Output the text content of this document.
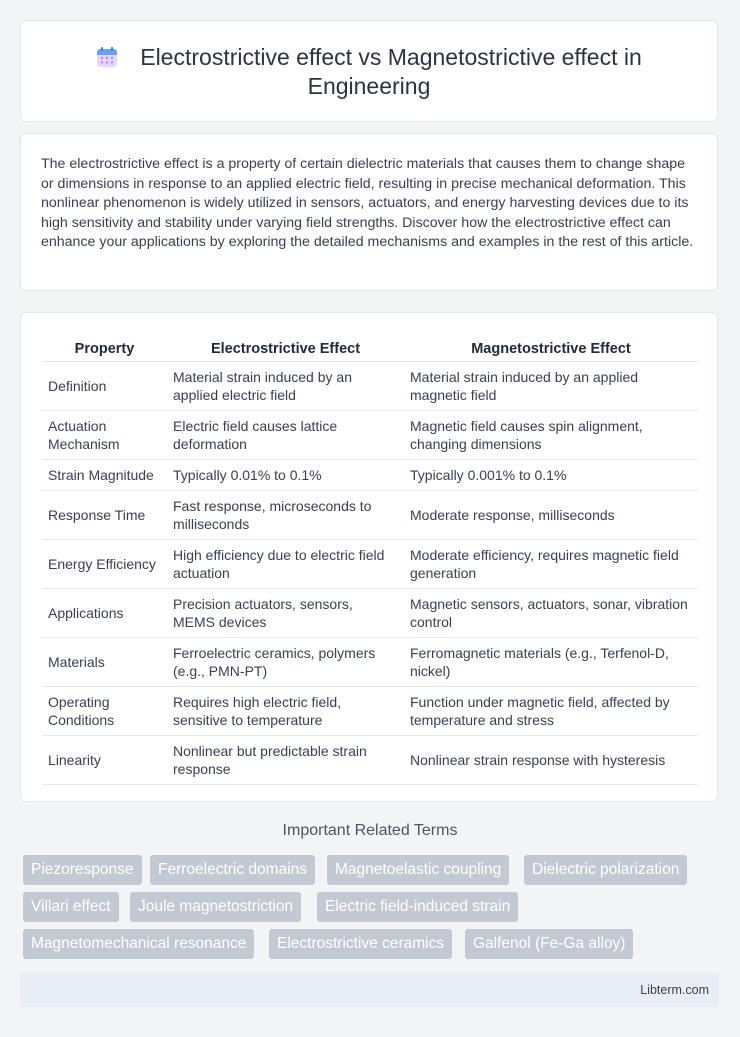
Electrostrictive effect vs Magnetostrictive effect in
Engineering
The electrostrictive effect is a property of certain dielectric materials that causes them to change shape or dimensions in response to an applied electric field, resulting in precise mechanical deformation. This nonlinear phenomenon is widely utilized in sensors, actuators, and energy harvesting devices due to its high sensitivity and stability under varying field strengths. Discover how the electrostrictive effect can enhance your applications by exploring the detailed mechanisms and examples in the rest of this article.
Property	Electrostrictive Effect	Magnetostrictive Effect
Definition	Material strain induced by an applied electric field	Material strain induced by an applied magnetic field
Actuation Mechanism	Electric field causes lattice deformation	Magnetic field causes spin alignment, changing dimensions
Strain Magnitude	Typically 0.01% to 0.1%	Typically 0.001% to 0.1%
Response Time	Fast response, microseconds to milliseconds	Moderate response, milliseconds
Energy Efficiency	High efficiency due to electric field actuation	Moderate efficiency, requires magnetic field generation
Applications	Precision actuators, sensors, MEMS devices	Magnetic sensors, actuators, sonar, vibration control
Materials	Ferroelectric ceramics, polymers (e.g., PMN-PT)	Ferromagnetic materials (e.g., Terfenol-D, nickel)
Operating Conditions	Requires high electric field, sensitive to temperature	Function under magnetic field, affected by temperature and stress
Linearity	Nonlinear but predictable strain response	Nonlinear strain response with hysteresis
Important Related Terms
Piezoresponse	Ferroelectric domains	Magnetoelastic coupling	Dielectric polarization
Villari effect	Joule magnetostriction	Electric field-induced strain
Magnetomechanical resonance	Electrostrictive ceramics	Galfenol (Fe-Ga alloy)
Libterm.com
